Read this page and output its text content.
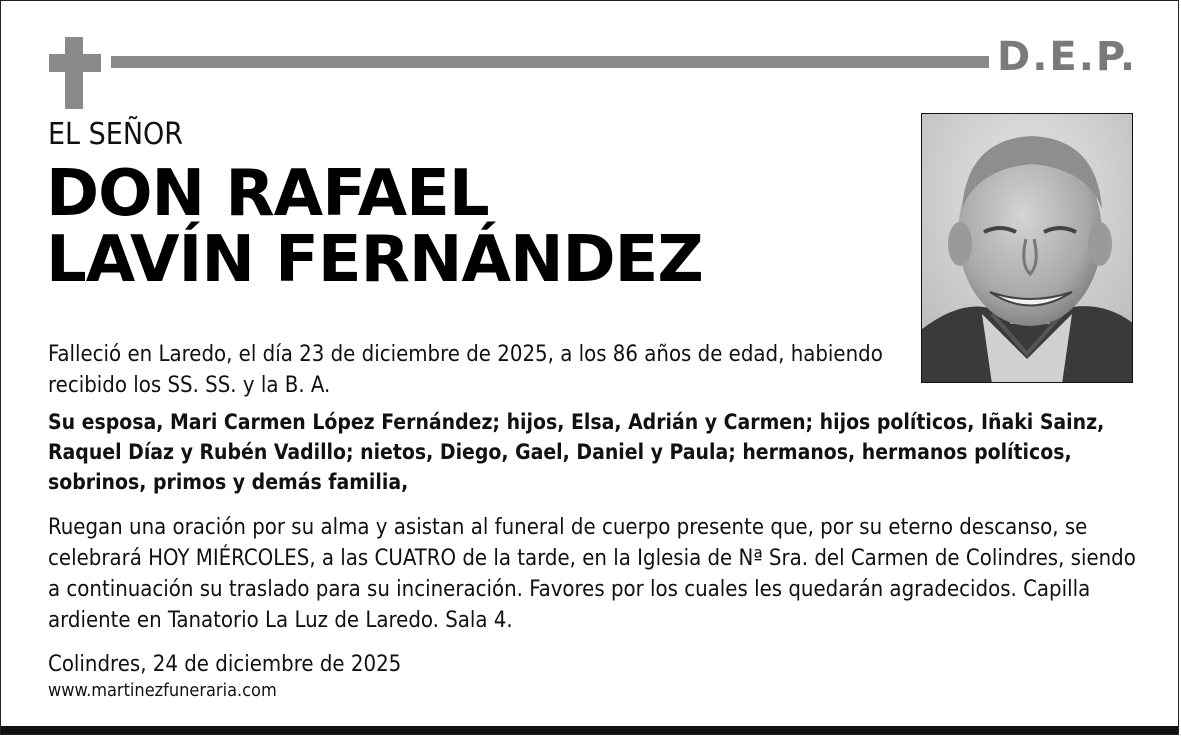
D.E.P.
EL SEÑOR
DON RAFAEL
LAVÍN FERNÁNDEZ
Falleció en Laredo, el día 23 de diciembre de 2025, a los 86 años de edad, habiendo recibido los SS. SS. y la B. A.
Su esposa, Mari Carmen López Fernández; hijos, Elsa, Adrián y Carmen; hijos políticos, Iñaki Sainz, Raquel Díaz y Rubén Vadillo; nietos, Diego, Gael, Daniel y Paula; hermanos, hermanos políticos, sobrinos, primos y demás familia,
Ruegan una oración por su alma y asistan al funeral de cuerpo presente que, por su eterno descanso, se celebrará HOY MIÉRCOLES, a las CUATRO de la tarde, en la Iglesia de Nª Sra. del Carmen de Colindres, siendo a continuación su traslado para su incineración. Favores por los cuales les quedarán agradecidos. Capilla ardiente en Tanatorio La Luz de Laredo. Sala 4.
Colindres, 24 de diciembre de 2025
www.martinezfuneraria.com
